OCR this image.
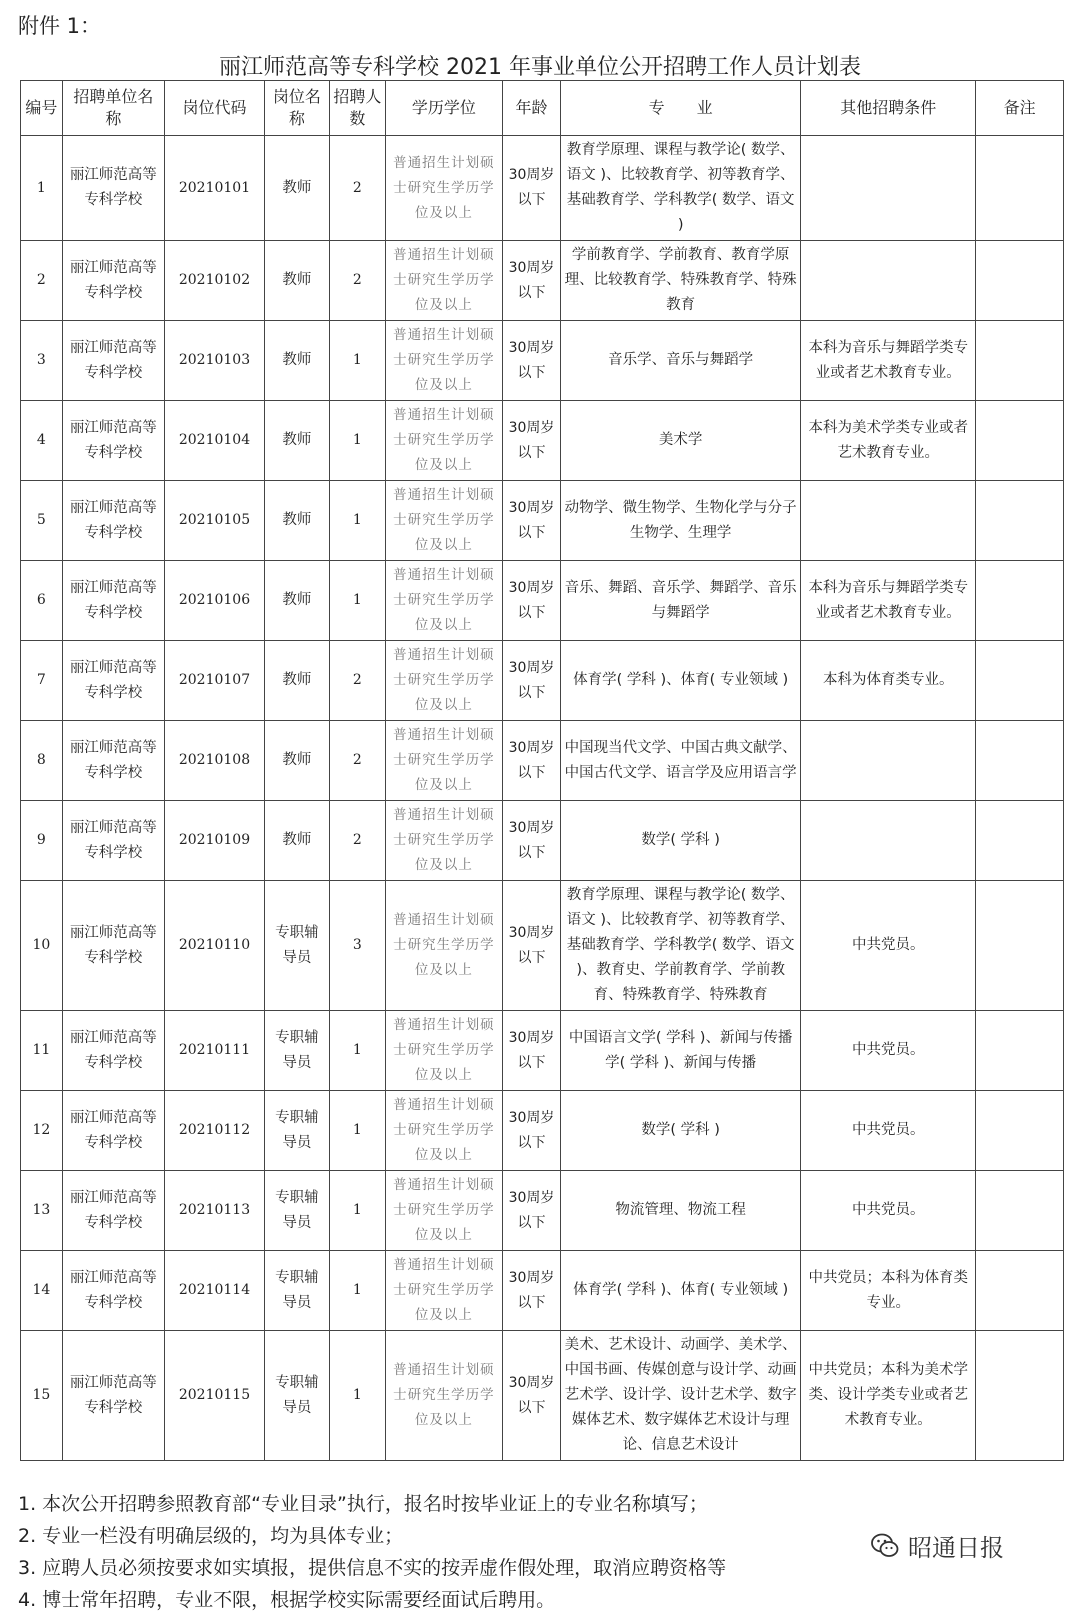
附件 1：
丽江师范高等专科学校 2021 年事业单位公开招聘工作人员计划表
编号	招聘单位名称	岗位代码	岗位名称	招聘人数	学历学位	年龄	专　　业	其他招聘条件	备注
1	丽江师范高等专科学校	20210101	教师	2	普通招生计划硕士研究生学历学位及以上	30周岁以下	教育学原理、课程与教学论( 数学、语文 )、比较教育学、初等教育学、基础教育学、学科教学( 数学、语文 )		
2	丽江师范高等专科学校	20210102	教师	2	普通招生计划硕士研究生学历学位及以上	30周岁以下	学前教育学、学前教育、教育学原理、比较教育学、特殊教育学、特殊教育		
3	丽江师范高等专科学校	20210103	教师	1	普通招生计划硕士研究生学历学位及以上	30周岁以下	音乐学、音乐与舞蹈学	本科为音乐与舞蹈学类专业或者艺术教育专业。	
4	丽江师范高等专科学校	20210104	教师	1	普通招生计划硕士研究生学历学位及以上	30周岁以下	美术学	本科为美术学类专业或者艺术教育专业。	
5	丽江师范高等专科学校	20210105	教师	1	普通招生计划硕士研究生学历学位及以上	30周岁以下	动物学、微生物学、生物化学与分子生物学、生理学		
6	丽江师范高等专科学校	20210106	教师	1	普通招生计划硕士研究生学历学位及以上	30周岁以下	音乐、舞蹈、音乐学、舞蹈学、音乐与舞蹈学	本科为音乐与舞蹈学类专业或者艺术教育专业。	
7	丽江师范高等专科学校	20210107	教师	2	普通招生计划硕士研究生学历学位及以上	30周岁以下	体育学( 学科 )、体育( 专业领域 )	本科为体育类专业。	
8	丽江师范高等专科学校	20210108	教师	2	普通招生计划硕士研究生学历学位及以上	30周岁以下	中国现当代文学、中国古典文献学、中国古代文学、语言学及应用语言学		
9	丽江师范高等专科学校	20210109	教师	2	普通招生计划硕士研究生学历学位及以上	30周岁以下	数学( 学科 )		
10	丽江师范高等专科学校	20210110	专职辅导员	3	普通招生计划硕士研究生学历学位及以上	30周岁以下	教育学原理、课程与教学论( 数学、语文 )、比较教育学、初等教育学、基础教育学、学科教学( 数学、语文 )、教育史、学前教育学、学前教育、特殊教育学、特殊教育	中共党员。	
11	丽江师范高等专科学校	20210111	专职辅导员	1	普通招生计划硕士研究生学历学位及以上	30周岁以下	中国语言文学( 学科 )、新闻与传播学( 学科 )、新闻与传播	中共党员。	
12	丽江师范高等专科学校	20210112	专职辅导员	1	普通招生计划硕士研究生学历学位及以上	30周岁以下	数学( 学科 )	中共党员。	
13	丽江师范高等专科学校	20210113	专职辅导员	1	普通招生计划硕士研究生学历学位及以上	30周岁以下	物流管理、物流工程	中共党员。	
14	丽江师范高等专科学校	20210114	专职辅导员	1	普通招生计划硕士研究生学历学位及以上	30周岁以下	体育学( 学科 )、体育( 专业领域 )	中共党员；本科为体育类专业。	
15	丽江师范高等专科学校	20210115	专职辅导员	1	普通招生计划硕士研究生学历学位及以上	30周岁以下	美术、艺术设计、动画学、美术学、中国书画、传媒创意与设计学、动画艺术学、设计学、设计艺术学、数字媒体艺术、数字媒体艺术设计与理论、信息艺术设计	中共党员；本科为美术学类、设计学类专业或者艺术教育专业。	
1. 本次公开招聘参照教育部“专业目录”执行，报名时按毕业证上的专业名称填写；
2. 专业一栏没有明确层级的，均为具体专业；
3. 应聘人员必须按要求如实填报，提供信息不实的按弄虚作假处理，取消应聘资格等
4. 博士常年招聘，专业不限，根据学校实际需要经面试后聘用。
昭通日报
